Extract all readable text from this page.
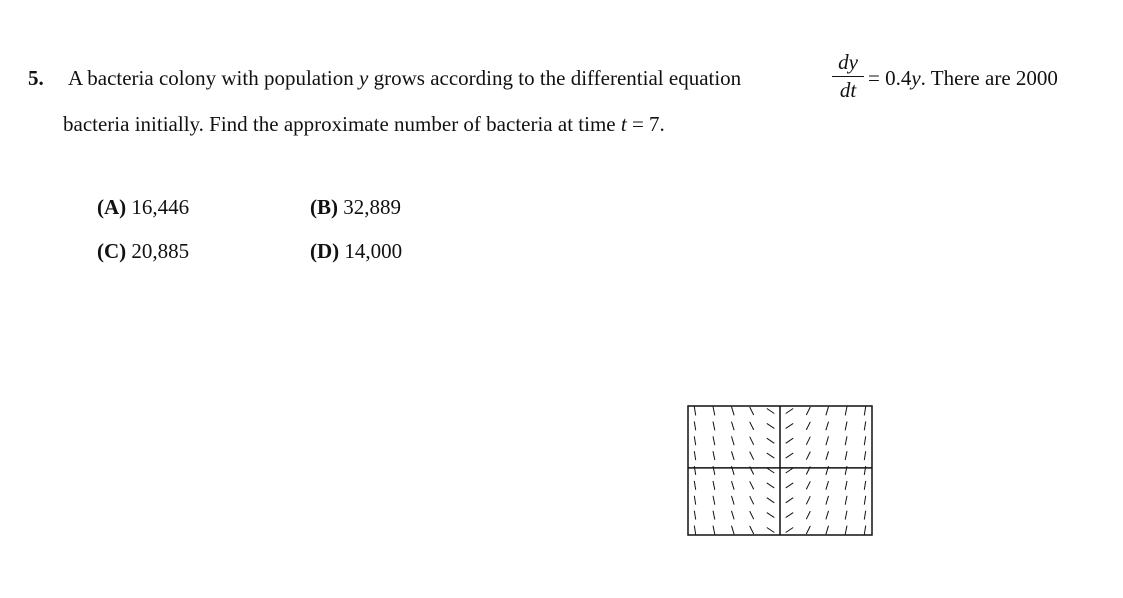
5. A bacteria colony with population y grows according to the differential equation
dy
dt = 0.4y. There are 2000
bacteria initially. Find the approximate number of bacteria at time t = 7.
(A) 16,446	(B) 32,889
(C) 20,885	(D) 14,000
